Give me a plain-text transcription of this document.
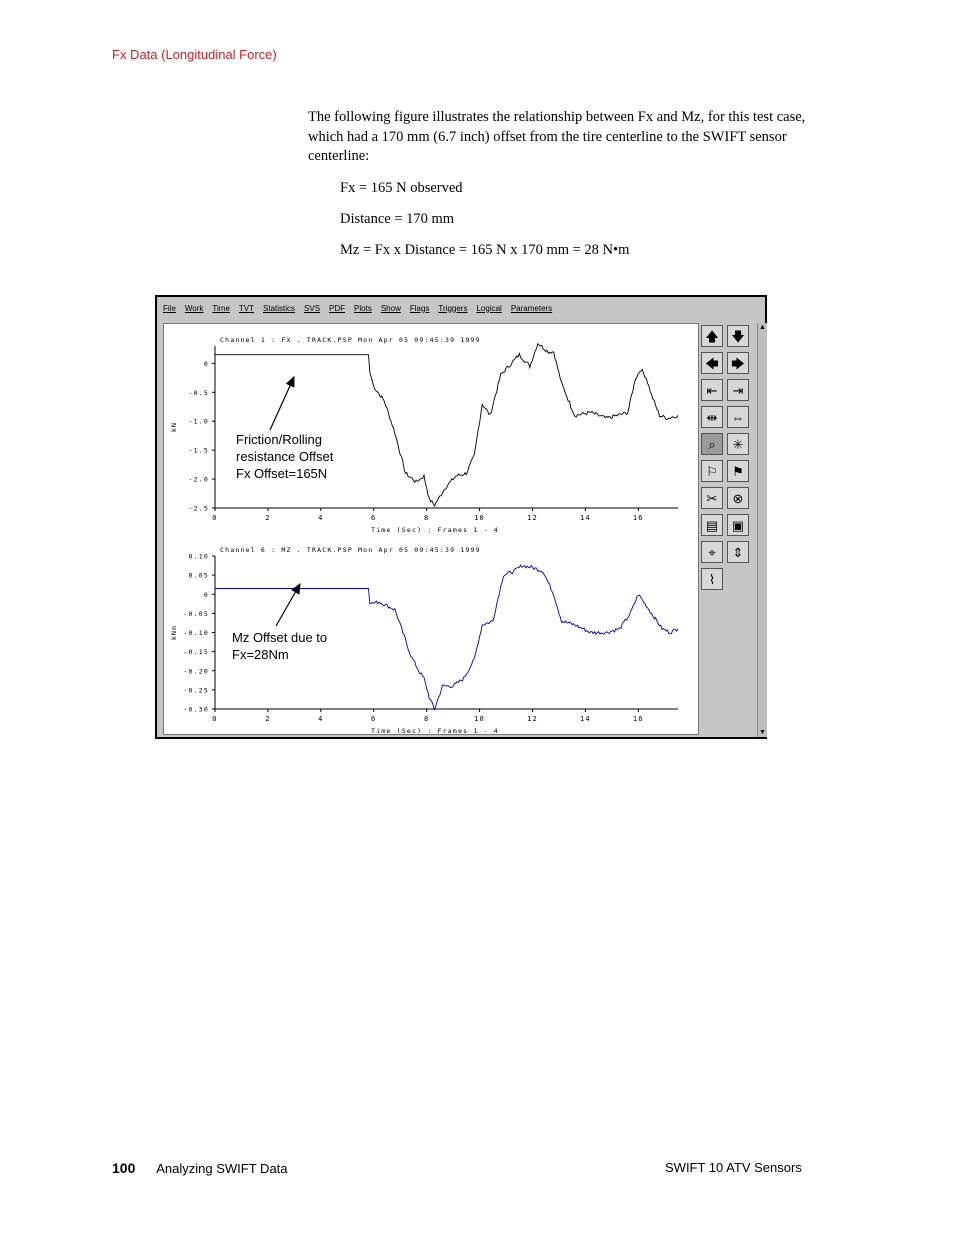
Fx Data (Longitudinal Force)
The following figure illustrates the relationship between Fx and Mz, for this test case, which had a 170 mm (6.7 inch) offset from the tire centerline to the SWIFT sensor centerline:
Fx = 165 N observed
Distance = 170 mm
Mz = Fx x Distance = 165 N x 170 mm = 28 N•m
File Work Time TVT Statistics SVS PDF Plots Show Flags Triggers Logical Parameters
Channel 1 : FX . TRACK.PSP Mon Apr 05 09:45:39 1999
0	2	4	6	8	10	12	14	16
0
-0.5
-1.0
-1.5
-2.0
-2.5
Time (Sec) : Frames 1 - 4
kN
Channel 6 : MZ . TRACK.PSP Mon Apr 05 09:45:39 1999
0	2	4	6	8	10	12	14	16
0.10
0.05
0
-0.05
-0.10
-0.15
-0.20
-0.25
-0.30
Time (Sec) : Frames 1 - 4
kNm
🡅 🡇
🡄 🡆
⇤	⇥
⇹	⇔
⌕	✳
⚐	⚑
✂	⊗
▤	▣
⌖	⇕
⌇
▲
▼
Friction/Rolling
resistance Offset
Fx Offset=165N
Mz Offset due to
Fx=28Nm
100 Analyzing SWIFT Data	SWIFT 10 ATV Sensors
